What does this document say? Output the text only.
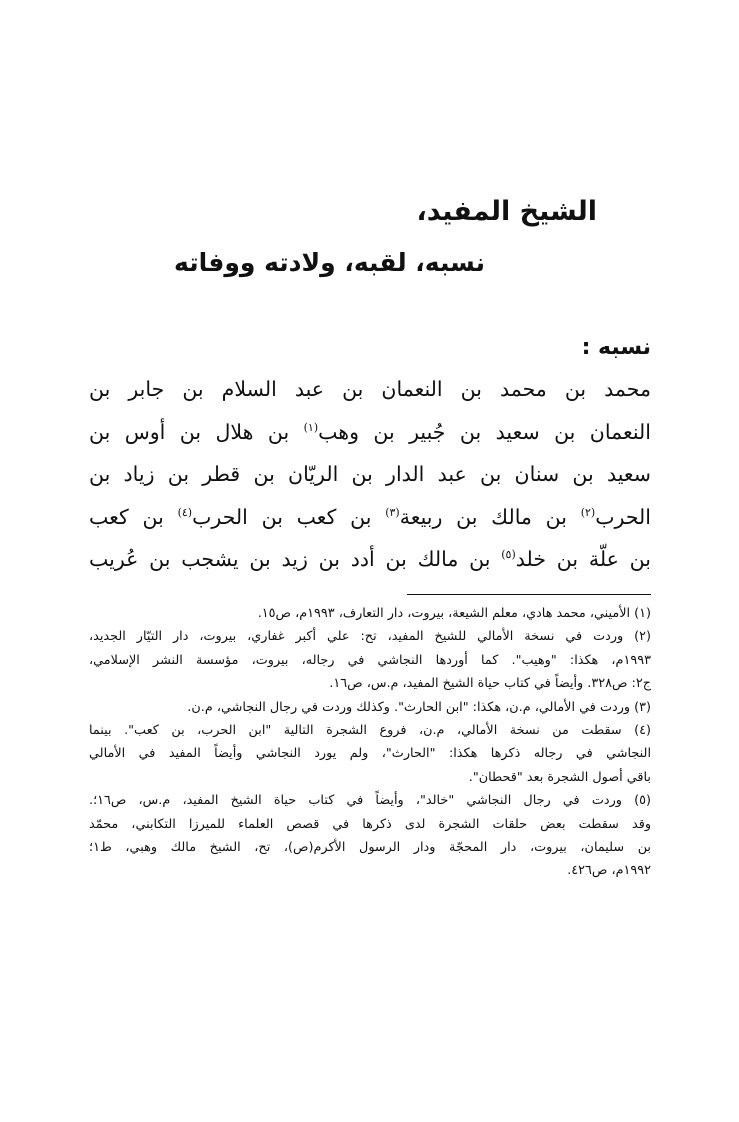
الشيخ المفيد،
نسبه، لقبه، ولادته ووفاته
نسبه :
محمد بن محمد بن النعمان بن عبد السلام بن جابر بن
النعمان بن سعيد بن جُبير بن وهب$^{(١)}$ بن هلال بن أوس بن
سعيد بن سنان بن عبد الدار بن الريّان بن قطر بن زياد بن
الحرب$^{(٢)}$ بن مالك بن ربيعة$^{(٣)}$ بن كعب بن الحرب$^{(٤)}$ بن كعب
بن علّة بن خلد$^{(٥)}$ بن مالك بن أدد بن زيد بن يشجب بن عُريب
(١) الأميني، محمد هادي، معلم الشيعة، بيروت، دار التعارف، ١٩٩٣م، ص١٥.
(٢) وردت في نسخة الأمالي للشيخ المفيد، تح: علي أكبر غفاري، بيروت، دار التيّار الجديد،
١٩٩٣م، هكذا: "وهيب". كما أوردها النجاشي في رجاله، بيروت، مؤسسة النشر الإسلامي،
ج٢: ص٣٢٨. وأيضاً في كتاب حياة الشيخ المفيد، م.س، ص١٦.
(٣) وردت في الأمالي، م.ن، هكذا: "ابن الحارث". وكذلك وردت في رجال النجاشي، م.ن.
(٤) سقطت من نسخة الأمالي، م.ن، فروع الشجرة التالية "ابن الحرب، بن كعب". بينما
النجاشي في رجاله ذكرها هكذا: "الحارث"، ولم يورد النجاشي وأيضاً المفيد في الأمالي
باقي أصول الشجرة بعد "قحطان".
(٥) وردت في رجال النجاشي "خالد"، وأيضاً في كتاب حياة الشيخ المفيد، م.س، ص١٦؛.
وقد سقطت بعض حلقات الشجرة لدى ذكرها في قصص العلماء للميرزا التكابني، محمّد
بن سليمان، بيروت، دار المحجّة ودار الرسول الأكرم(ص)، تح، الشيخ مالك وهبي، ط١؛
١٩٩٢م، ص٤٢٦.
